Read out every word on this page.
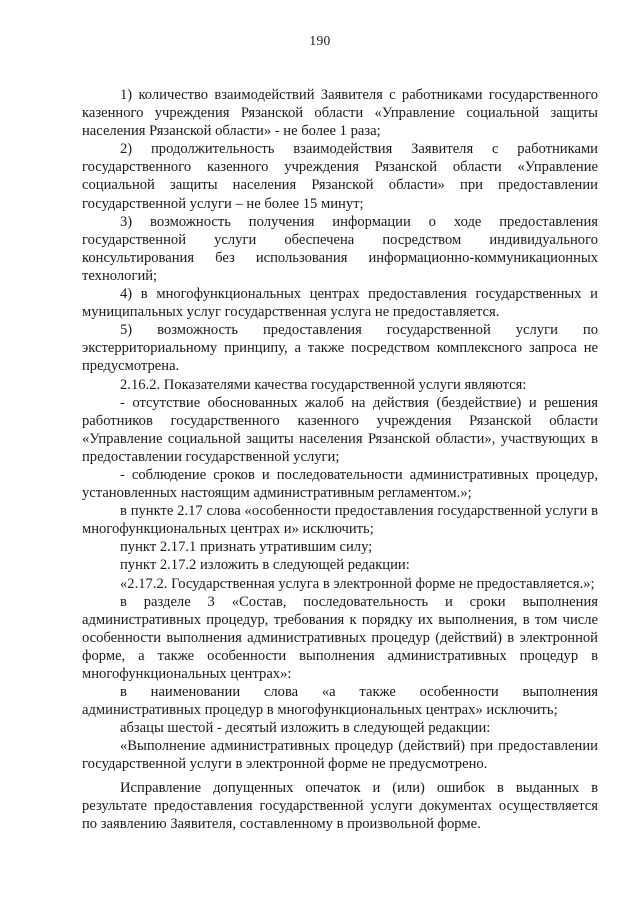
190

1) количество взаимодействий Заявителя с работниками государственного казенного учреждения Рязанской области «Управление социальной защиты населения Рязанской области» - не более 1 раза;

2) продолжительность взаимодействия Заявителя с работниками государственного казенного учреждения Рязанской области «Управление социальной защиты населения Рязанской области» при предоставлении государственной услуги – не более 15 минут;

3) возможность получения информации о ходе предоставления государственной услуги обеспечена посредством индивидуального консультирования без использования информационно-коммуникационных технологий;

4) в многофункциональных центрах предоставления государственных и муниципальных услуг государственная услуга не предоставляется.

5) возможность предоставления государственной услуги по экстерриториальному принципу, а также посредством комплексного запроса не предусмотрена.

2.16.2. Показателями качества государственной услуги являются:

- отсутствие обоснованных жалоб на действия (бездействие) и решения работников государственного казенного учреждения Рязанской области «Управление социальной защиты населения Рязанской области», участвующих в предоставлении государственной услуги;

- соблюдение сроков и последовательности административных процедур, установленных настоящим административным регламентом.»;

в пункте 2.17 слова «особенности предоставления государственной услуги в многофункциональных центрах и» исключить;

пункт 2.17.1 признать утратившим силу;

пункт 2.17.2 изложить в следующей редакции:

«2.17.2. Государственная услуга в электронной форме не предоставляется.»;

в разделе 3 «Состав, последовательность и сроки выполнения административных процедур, требования к порядку их выполнения, в том числе особенности выполнения административных процедур (действий) в электронной форме, а также особенности выполнения административных процедур в многофункциональных центрах»:

в наименовании слова «а также особенности выполнения административных процедур в многофункциональных центрах» исключить;

абзацы шестой - десятый изложить в следующей редакции:

«Выполнение административных процедур (действий) при предоставлении государственной услуги в электронной форме не предусмотрено.

Исправление допущенных опечаток и (или) ошибок в выданных в результате предоставления государственной услуги документах осуществляется по заявлению Заявителя, составленному в произвольной форме.
